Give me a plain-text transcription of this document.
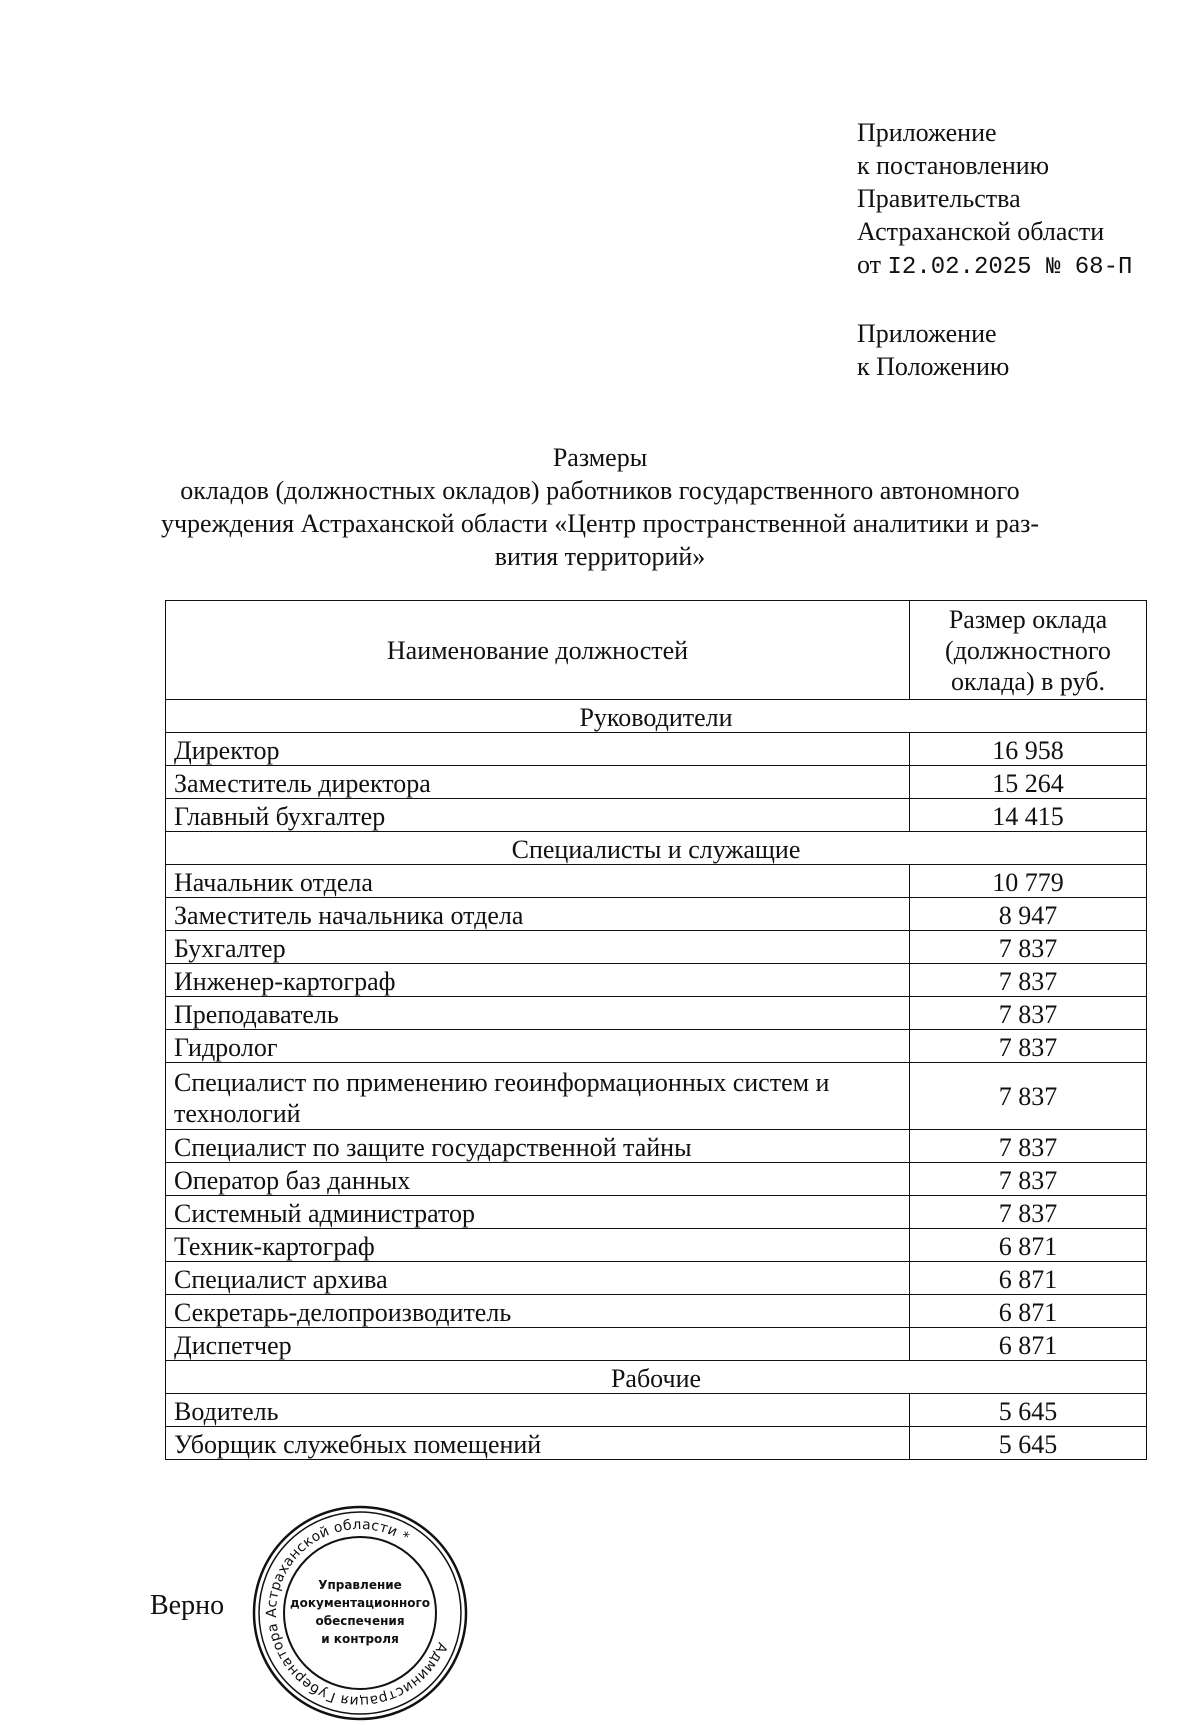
Приложение
к постановлению
Правительства
Астраханской области
от I2.02.2025 № 68-П
Приложение
к Положению
Размеры
окладов (должностных окладов) работников государственного автономного
учреждения Астраханской области «Центр пространственной аналитики и раз-
вития территорий»
Наименование должностей	Размер оклада
(должностного
оклада) в руб.

Руководители	
Директор	16 958
Заместитель директора	15 264
Главный бухгалтер	14 415
Специалисты и служащие	
Начальник отдела	10 779
Заместитель начальника отдела	8 947
Бухгалтер	7 837
Инженер-картограф	7 837
Преподаватель	7 837
Гидролог	7 837
Специалист по применению геоинформационных систем и технологий	7 837
Специалист по защите государственной тайны	7 837
Оператор баз данных	7 837
Системный администратор	7 837
Техник-картограф	6 871
Специалист архива	6 871
Секретарь-делопроизводитель	6 871
Диспетчер	6 871
Рабочие	
Водитель	5 645
Уборщик служебных помещений	5 645
Верно
Администрация Губернатора Астраханской области *
Управление
документационного
обеспечения
и контроля
